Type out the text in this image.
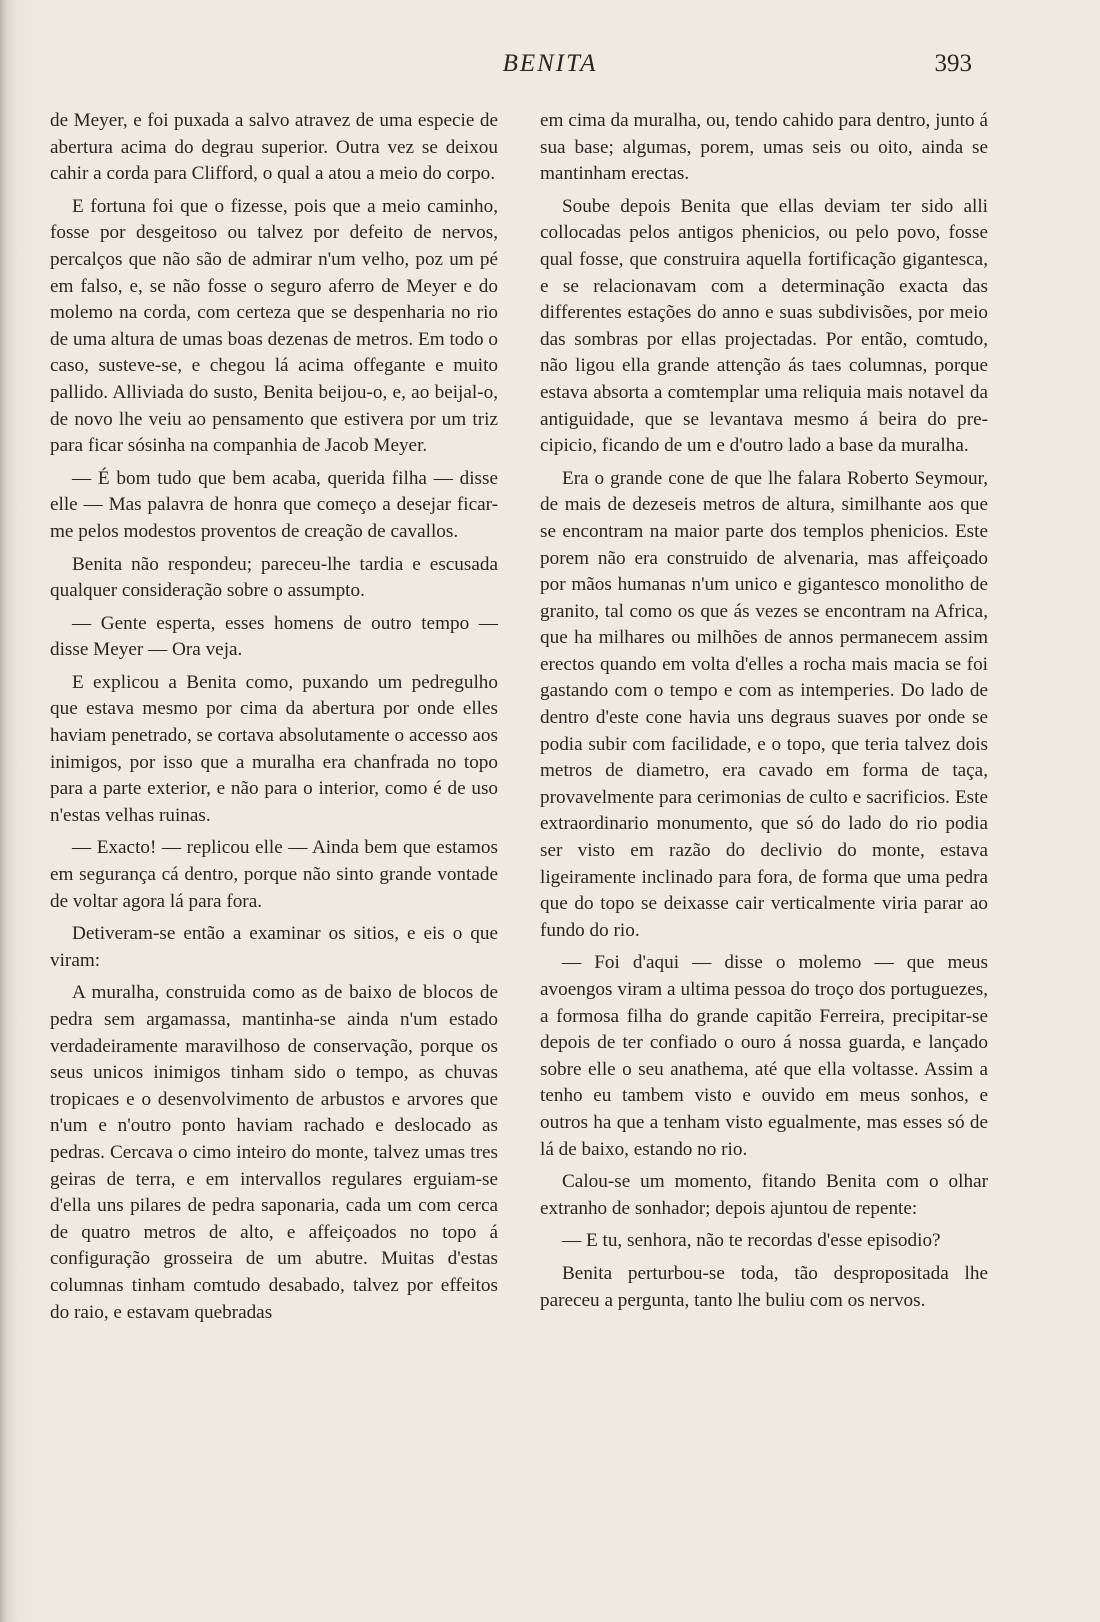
BENITA	393

de Meyer, e foi puxada a salvo atravez de uma especie de abertura acima do degrau superior. Outra vez se deixou cahir a corda para Clifford, o qual a atou a meio do corpo.

E fortuna foi que o fizesse, pois que a meio caminho, fosse por desgeitoso ou talvez por defeito de nervos, percalços que não são de admirar n'um velho, poz um pé em falso, e, se não fosse o seguro aferro de Meyer e do molemo na corda, com certeza que se despenharia no rio de uma altura de umas boas dezenas de metros. Em todo o caso, susteve-se, e chegou lá acima offegante e muito pallido. Alliviada do susto, Benita beijou-o, e, ao beijal-o, de novo lhe veiu ao pensamento que estivera por um triz para ficar sósinha na companhia de Jacob Meyer.

— É bom tudo que bem acaba, querida filha — disse elle — Mas palavra de honra que começo a desejar ficar-me pelos modestos proventos de creação de cavallos.

Benita não respondeu; pareceu-lhe tardia e escusada qualquer consideração sobre o assumpto.

— Gente esperta, esses homens de outro tempo — disse Meyer — Ora veja.

E explicou a Benita como, puxando um pedregulho que estava mesmo por cima da abertura por onde elles haviam penetrado, se cortava absolutamente o accesso aos inimigos, por isso que a muralha era chanfrada no topo para a parte exterior, e não para o interior, como é de uso n'estas velhas ruinas.

— Exacto! — replicou elle — Ainda bem que estamos em segurança cá dentro, porque não sinto grande vontade de voltar agora lá para fora.

Detiveram-se então a examinar os sitios, e eis o que viram:

A muralha, construida como as de baixo de blocos de pedra sem argamassa, mantinha-se ainda n'um estado verdadeiramente maravilhoso de conservação, porque os seus unicos inimigos tinham sido o tempo, as chuvas tropicaes e o desenvolvimento de arbustos e arvores que n'um e n'outro ponto haviam rachado e deslocado as pedras. Cercava o cimo inteiro do monte, talvez umas tres geiras de terra, e em intervallos regulares erguiam-se d'ella uns pilares de pedra saponaria, cada um com cerca de quatro metros de alto, e affeiçoados no topo á configuração grosseira de um abutre. Muitas d'estas columnas tinham comtudo desabado, talvez por effeitos do raio, e estavam quebradas

em cima da muralha, ou, tendo cahido para dentro, junto á sua base; algumas, porem, umas seis ou oito, ainda se mantinham erectas.

Soube depois Benita que ellas deviam ter sido alli collocadas pelos antigos phenicios, ou pelo povo, fosse qual fosse, que construira aquella fortificação gigantesca, e se relacionavam com a determinação exacta das differentes estações do anno e suas subdivisões, por meio das sombras por ellas projectadas. Por então, comtudo, não ligou ella grande attenção ás taes columnas, porque estava absorta a comtemplar uma reliquia mais notavel da antiguidade, que se levantava mesmo á beira do precipicio, ficando de um e d'outro lado a base da muralha.

Era o grande cone de que lhe falara Roberto Seymour, de mais de dezeseis metros de altura, similhante aos que se encontram na maior parte dos templos phenicios. Este porem não era construido de alvenaria, mas affeiçoado por mãos humanas n'um unico e gigantesco monolitho de granito, tal como os que ás vezes se encontram na Africa, que ha milhares ou milhões de annos permanecem assim erectos quando em volta d'elles a rocha mais macia se foi gastando com o tempo e com as intemperies. Do lado de dentro d'este cone havia uns degraus suaves por onde se podia subir com facilidade, e o topo, que teria talvez dois metros de diametro, era cavado em forma de taça, provavelmente para cerimonias de culto e sacrificios. Este extraordinario monumento, que só do lado do rio podia ser visto em razão do declivio do monte, estava ligeiramente inclinado para fora, de forma que uma pedra que do topo se deixasse cair verticalmente viria parar ao fundo do rio.

— Foi d'aqui — disse o molemo — que meus avoengos viram a ultima pessoa do troço dos portuguezes, a formosa filha do grande capitão Ferreira, precipitar-se depois de ter confiado o ouro á nossa guarda, e lançado sobre elle o seu anathema, até que ella voltasse. Assim a tenho eu tambem visto e ouvido em meus sonhos, e outros ha que a tenham visto egualmente, mas esses só de lá de baixo, estando no rio.

Calou-se um momento, fitando Benita com o olhar extranho de sonhador; depois ajuntou de repente:

— E tu, senhora, não te recordas d'esse episodio?

Benita perturbou-se toda, tão despropositada lhe pareceu a pergunta, tanto lhe buliu com os nervos.
